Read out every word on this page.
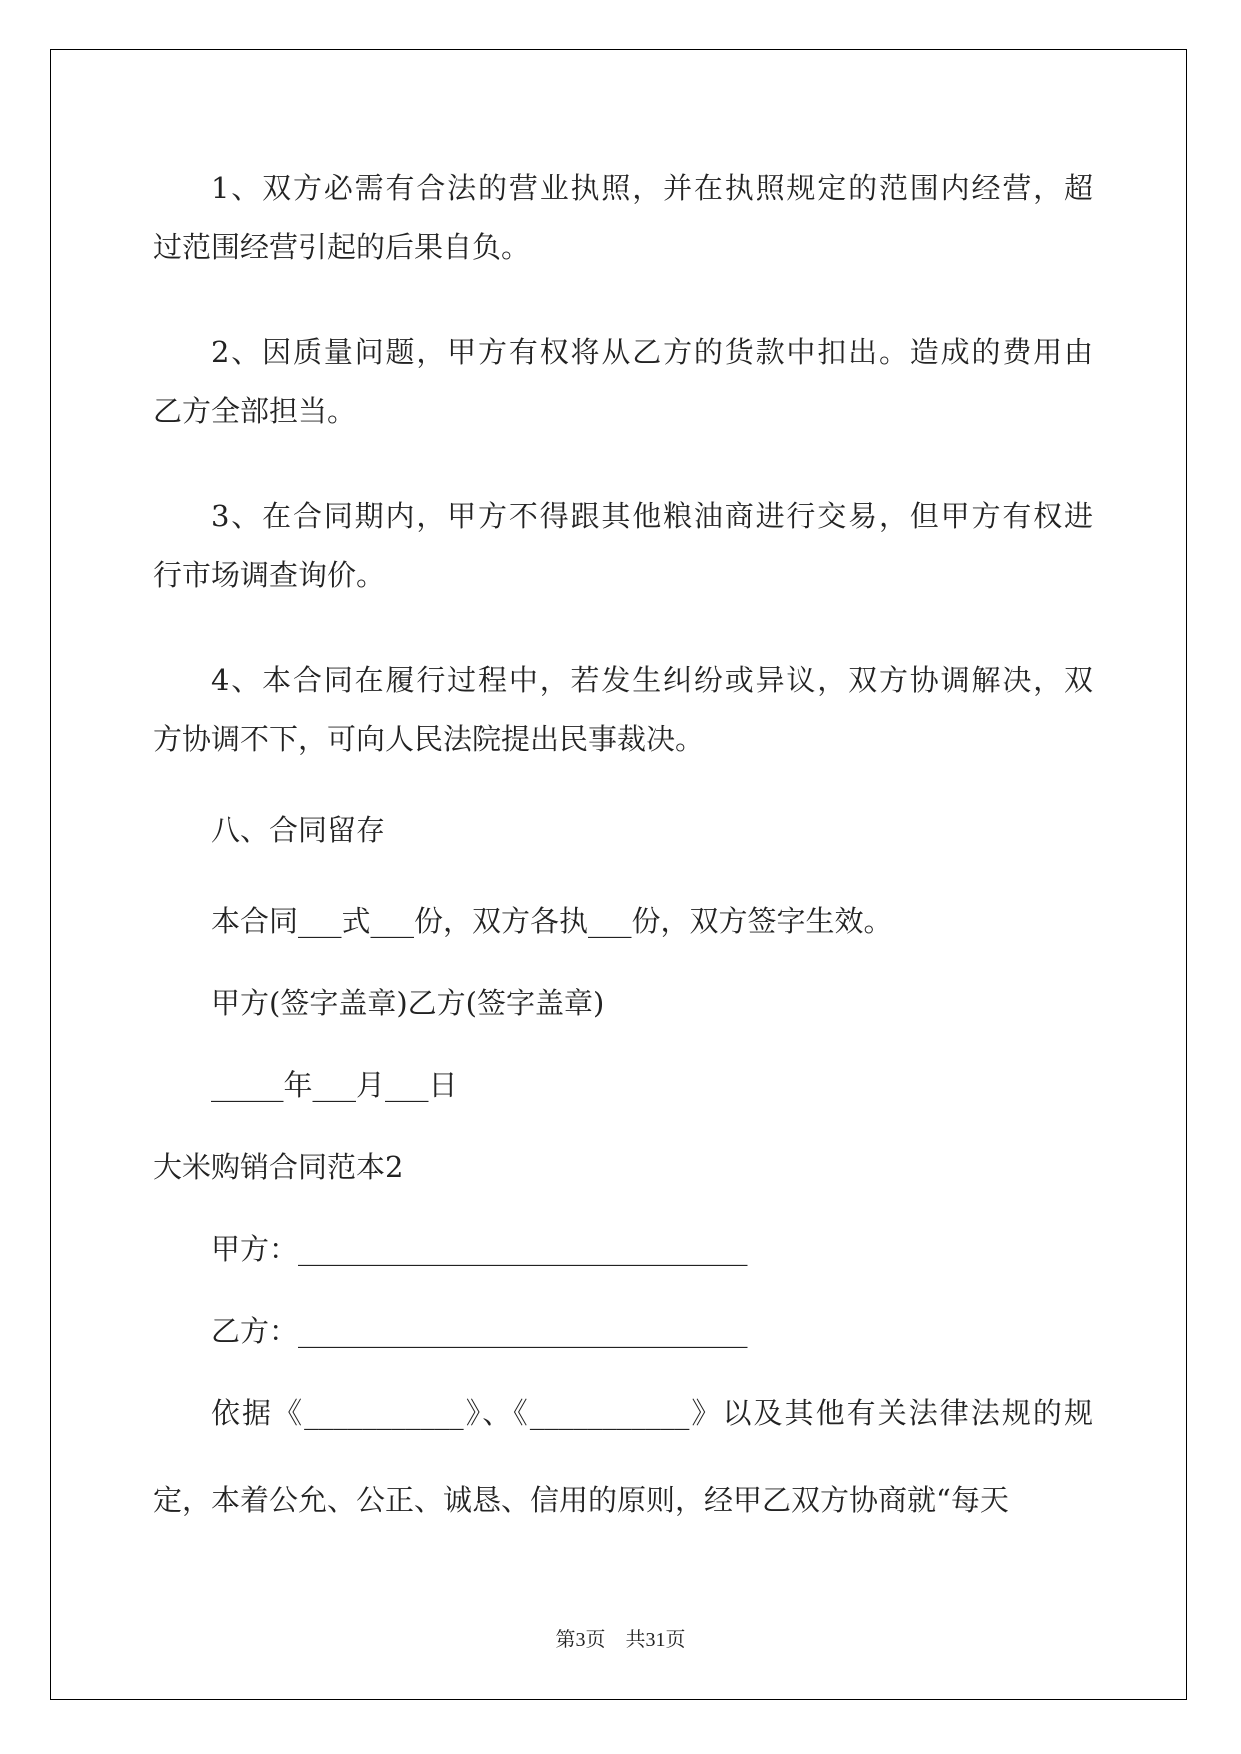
1、双方必需有合法的营业执照，并在执照规定的范围内经营，超

过范围经营引起的后果自负。

2、因质量问题，甲方有权将从乙方的货款中扣出。造成的费用由

乙方全部担当。

3、在合同期内，甲方不得跟其他粮油商进行交易，但甲方有权进

行市场调查询价。

4、本合同在履行过程中，若发生纠纷或异议，双方协调解决，双

方协调不下，可向人民法院提出民事裁决。

八、合同留存

本合同___式___份，双方各执___份，双方签字生效。

甲方(签字盖章)乙方(签字盖章)

_____年___月___日

大米购销合同范本2

甲方：_______________________________

乙方：_______________________________

依据《___________》、《___________》以及其他有关法律法规的规

定，本着公允、公正、诚恳、信用的原则，经甲乙双方协商就“每天

第3页 共31页
